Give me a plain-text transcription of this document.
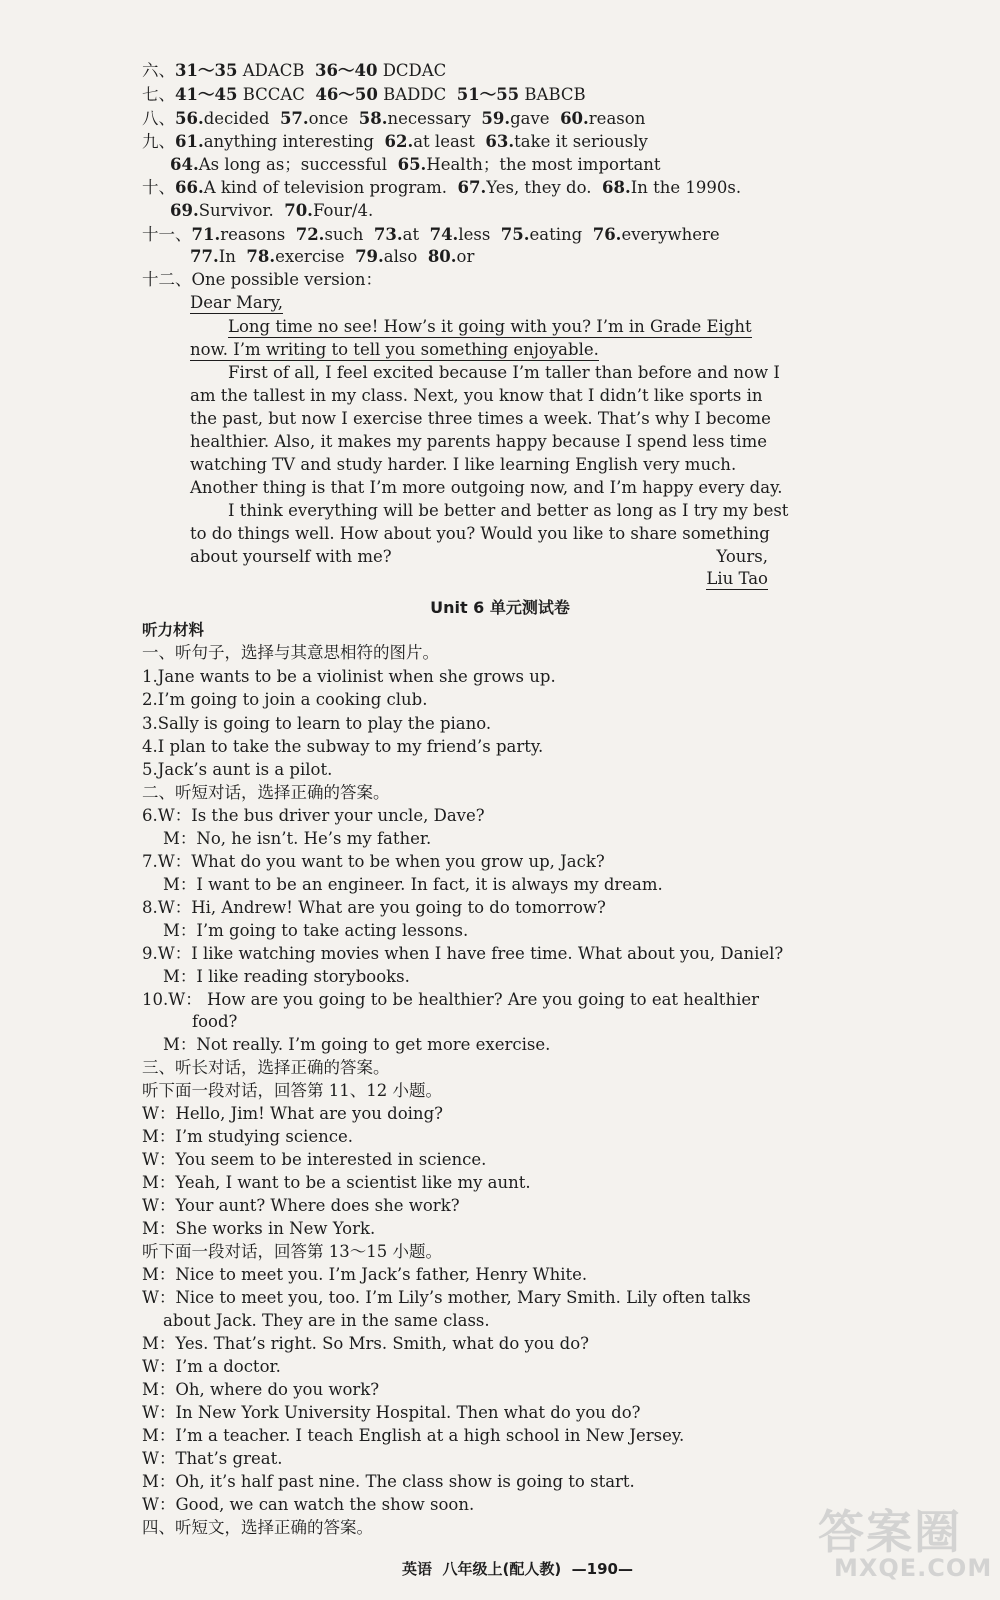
六、31～35 ADACB 36～40 DCDAC
七、41～45 BCCAC 46～50 BADDC 51～55 BABCB
八、56.decided 57.once 58.necessary 59.gave 60.reason
九、61.anything interesting 62.at least 63.take it seriously
64.As long as；successful 65.Health；the most important
十、66.A kind of television program. 67.Yes, they do. 68.In the 1990s.
69.Survivor. 70.Four/4.
十一、71.reasons 72.such 73.at 74.less 75.eating 76.everywhere
77.In 78.exercise 79.also 80.or
十二、One possible version：
Dear Mary,
Long time no see! How’s it going with you? I’m in Grade Eight
now. I’m writing to tell you something enjoyable.
First of all, I feel excited because I’m taller than before and now I
am the tallest in my class. Next, you know that I didn’t like sports in
the past, but now I exercise three times a week. That’s why I become
healthier. Also, it makes my parents happy because I spend less time
watching TV and study harder. I like learning English very much.
Another thing is that I’m more outgoing now, and I’m happy every day.
I think everything will be better and better as long as I try my best
to do things well. How about you? Would you like to share something
about yourself with me?	Yours,
Liu Tao
Unit 6 单元测试卷
听力材料
一、听句子，选择与其意思相符的图片。
1.Jane wants to be a violinist when she grows up.
2.I’m going to join a cooking club.
3.Sally is going to learn to play the piano.
4.I plan to take the subway to my friend’s party.
5.Jack’s aunt is a pilot.
二、听短对话，选择正确的答案。
6.W：Is the bus driver your uncle, Dave?
M：No, he isn’t. He’s my father.
7.W：What do you want to be when you grow up, Jack?
M：I want to be an engineer. In fact, it is always my dream.
8.W：Hi, Andrew! What are you going to do tomorrow?
M：I’m going to take acting lessons.
9.W：I like watching movies when I have free time. What about you, Daniel?
M：I like reading storybooks.
10.W： How are you going to be healthier? Are you going to eat healthier
food?
M：Not really. I’m going to get more exercise.
三、听长对话，选择正确的答案。
听下面一段对话，回答第 11、12 小题。
W：Hello, Jim! What are you doing?
M：I’m studying science.
W：You seem to be interested in science.
M：Yeah, I want to be a scientist like my aunt.
W：Your aunt? Where does she work?
M：She works in New York.
听下面一段对话，回答第 13～15 小题。
M：Nice to meet you. I’m Jack’s father, Henry White.
W：Nice to meet you, too. I’m Lily’s mother, Mary Smith. Lily often talks
about Jack. They are in the same class.
M：Yes. That’s right. So Mrs. Smith, what do you do?
W：I’m a doctor.
M：Oh, where do you work?
W：In New York University Hospital. Then what do you do?
M：I’m a teacher. I teach English at a high school in New Jersey.
W：That’s great.
M：Oh, it’s half past nine. The class show is going to start.
W：Good, we can watch the show soon.
四、听短文，选择正确的答案。
英语 八年级上(配人教) —190—
答案圈
MXQE.COM
